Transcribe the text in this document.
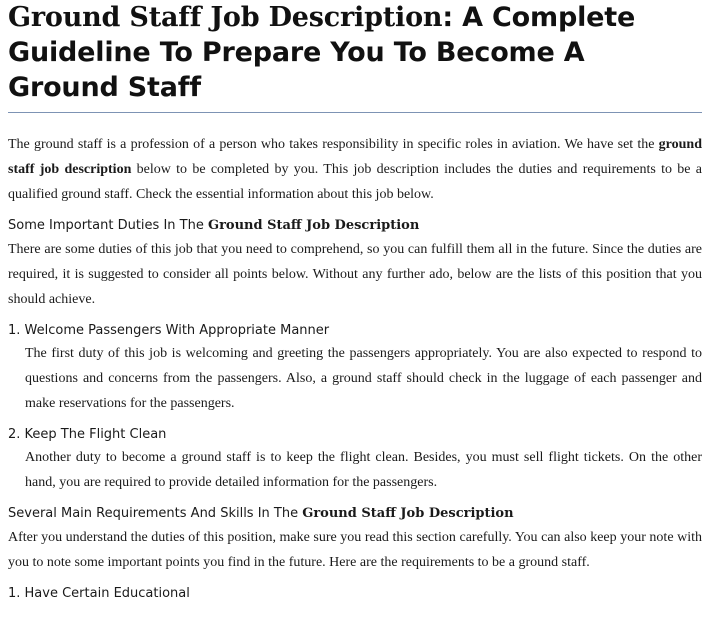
Ground Staff Job Description: A Complete Guideline To Prepare You To Become A Ground Staff

The ground staff is a profession of a person who takes responsibility in specific roles in aviation. We have set the ground staff job description below to be completed by you. This job description includes the duties and requirements to be a qualified ground staff. Check the essential information about this job below.

Some Important Duties In The Ground Staff Job Description

There are some duties of this job that you need to comprehend, so you can fulfill them all in the future. Since the duties are required, it is suggested to consider all points below. Without any further ado, below are the lists of this position that you should achieve.

1. Welcome Passengers With Appropriate Manner

The first duty of this job is welcoming and greeting the passengers appropriately. You are also expected to respond to questions and concerns from the passengers. Also, a ground staff should check in the luggage of each passenger and make reservations for the passengers.

2. Keep The Flight Clean

Another duty to become a ground staff is to keep the flight clean. Besides, you must sell flight tickets. On the other hand, you are required to provide detailed information for the passengers.

Several Main Requirements And Skills In The Ground Staff Job Description

After you understand the duties of this position, make sure you read this section carefully. You can also keep your note with you to note some important points you find in the future. Here are the requirements to be a ground staff.

1. Have Certain Educational
